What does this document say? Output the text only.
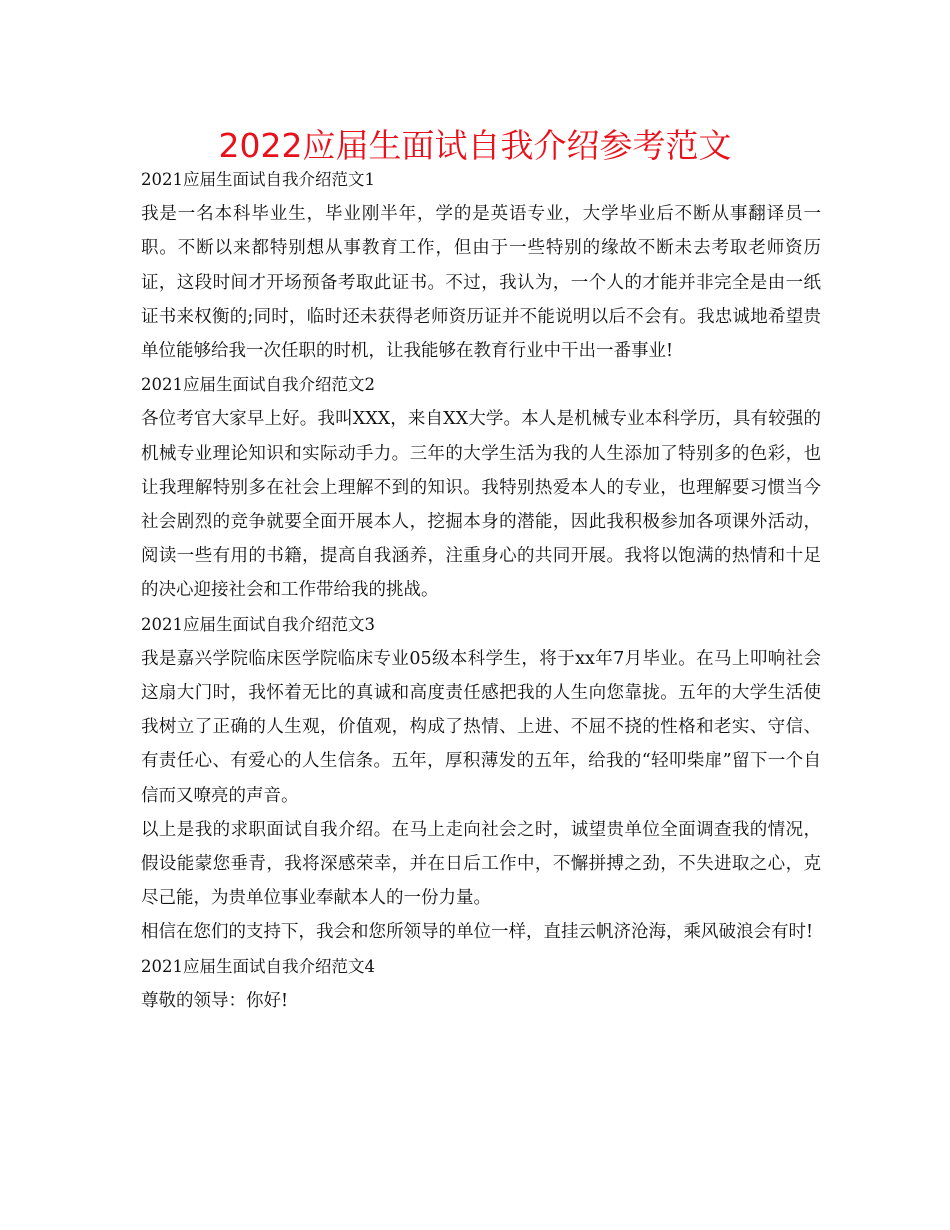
2022应届生面试自我介绍参考范文

2021应届生面试自我介绍范文1

我是一名本科毕业生，毕业刚半年，学的是英语专业，大学毕业后不断从事翻译员一职。不断以来都特别想从事教育工作，但由于一些特别的缘故不断未去考取老师资历证，这段时间才开场预备考取此证书。不过，我认为，一个人的才能并非完全是由一纸证书来权衡的;同时，临时还未获得老师资历证并不能说明以后不会有。我忠诚地希望贵单位能够给我一次任职的时机，让我能够在教育行业中干出一番事业!

2021应届生面试自我介绍范文2

各位考官大家早上好。我叫XXX，来自XX大学。本人是机械专业本科学历，具有较强的机械专业理论知识和实际动手力。三年的大学生活为我的人生添加了特别多的色彩，也让我理解特别多在社会上理解不到的知识。我特别热爱本人的专业，也理解要习惯当今社会剧烈的竞争就要全面开展本人，挖掘本身的潜能，因此我积极参加各项课外活动，阅读一些有用的书籍，提高自我涵养，注重身心的共同开展。我将以饱满的热情和十足的决心迎接社会和工作带给我的挑战。

2021应届生面试自我介绍范文3

我是嘉兴学院临床医学院临床专业05级本科学生，将于xx年7月毕业。在马上叩响社会这扇大门时，我怀着无比的真诚和高度责任感把我的人生向您靠拢。五年的大学生活使我树立了正确的人生观，价值观，构成了热情、上进、不屈不挠的性格和老实、守信、有责任心、有爱心的人生信条。五年，厚积薄发的五年，给我的“轻叩柴扉”留下一个自信而又嘹亮的声音。

以上是我的求职面试自我介绍。在马上走向社会之时，诚望贵单位全面调查我的情况，假设能蒙您垂青，我将深感荣幸，并在日后工作中，不懈拼搏之劲，不失进取之心，克尽己能，为贵单位事业奉献本人的一份力量。

相信在您们的支持下，我会和您所领导的单位一样，直挂云帆济沧海，乘风破浪会有时!

2021应届生面试自我介绍范文4

尊敬的领导：你好!
